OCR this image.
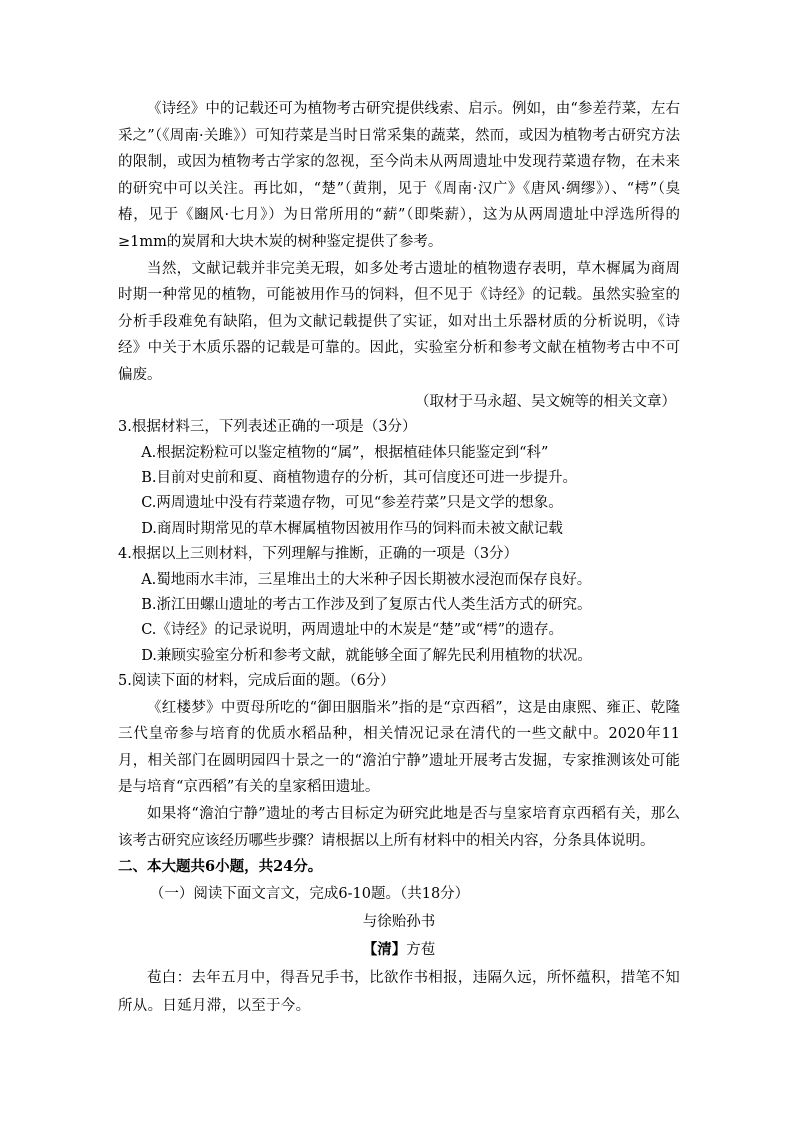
《诗经》中的记载还可为植物考古研究提供线索、启示。例如，由“参差荇菜，左右采之”（《周南·关雎》）可知荇菜是当时日常采集的蔬菜，然而，或因为植物考古研究方法的限制，或因为植物考古学家的忽视，至今尚未从两周遗址中发现荇菜遗存物，在未来的研究中可以关注。再比如，“楚”（黄荆，见于《周南·汉广》《唐风·绸缪》）、“樗”（臭椿，见于《豳风·七月》）为日常所用的“薪”（即柴薪），这为从两周遗址中浮选所得的≥1mm的炭屑和大块木炭的树种鉴定提供了参考。

当然，文献记载并非完美无瑕，如多处考古遗址的植物遗存表明，草木樨属为商周时期一种常见的植物，可能被用作马的饲料，但不见于《诗经》的记载。虽然实验室的分析手段难免有缺陷，但为文献记载提供了实证，如对出土乐器材质的分析说明，《诗经》中关于木质乐器的记载是可靠的。因此，实验室分析和参考文献在植物考古中不可偏废。

（取材于马永超、吴文婉等的相关文章）

3.根据材料三，下列表述正确的一项是（3分）

A.根据淀粉粒可以鉴定植物的“属”，根据植硅体只能鉴定到“科”

B.目前对史前和夏、商植物遗存的分析，其可信度还可进一步提升。

C.两周遗址中没有荇菜遗存物，可见“参差荇菜”只是文学的想象。

D.商周时期常见的草木樨属植物因被用作马的饲料而未被文献记载

4.根据以上三则材料，下列理解与推断，正确的一项是（3分）

A.蜀地雨水丰沛，三星堆出土的大米种子因长期被水浸泡而保存良好。

B.浙江田螺山遗址的考古工作涉及到了复原古代人类生活方式的研究。

C.《诗经》的记录说明，两周遗址中的木炭是“楚”或“樗”的遗存。

D.兼顾实验室分析和参考文献，就能够全面了解先民利用植物的状况。

5.阅读下面的材料，完成后面的题。（6分）

《红楼梦》中贾母所吃的“御田胭脂米”指的是“京西稻”，这是由康熙、雍正、乾隆三代皇帝参与培育的优质水稻品种，相关情况记录在清代的一些文献中。2020年11月，相关部门在圆明园四十景之一的“澹泊宁静”遗址开展考古发掘，专家推测该处可能是与培育“京西稻”有关的皇家稻田遗址。

如果将“澹泊宁静”遗址的考古目标定为研究此地是否与皇家培育京西稻有关，那么该考古研究应该经历哪些步骤？请根据以上所有材料中的相关内容，分条具体说明。

二、本大题共6小题，共24分。

（一）阅读下面文言文，完成6-10题。（共18分）

与徐贻孙书

【清】方苞

苞白：去年五月中，得吾兄手书，比欲作书相报，违隔久远，所怀蕴积，措笔不知所从。日延月滞，以至于今。
